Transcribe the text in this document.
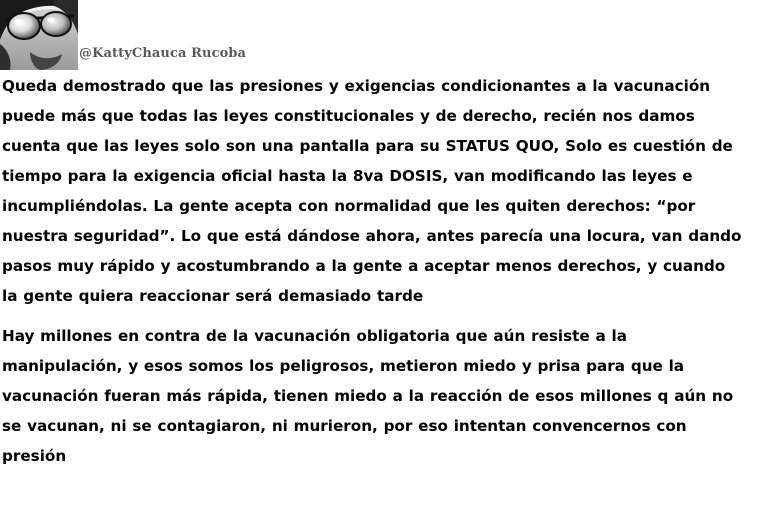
@KattyChauca Rucoba

Queda demostrado que las presiones y exigencias condicionantes a la vacunación puede más que todas las leyes constitucionales y de derecho, recién nos damos cuenta que las leyes solo son una pantalla para su STATUS QUO, Solo es cuestión de tiempo para la exigencia oficial hasta la 8va DOSIS, van modificando las leyes e incumpliéndolas. La gente acepta con normalidad que les quiten derechos: “por nuestra seguridad”. Lo que está dándose ahora, antes parecía una locura, van dando pasos muy rápido y acostumbrando a la gente a aceptar menos derechos, y cuando la gente quiera reaccionar será demasiado tarde

Hay millones en contra de la vacunación obligatoria que aún resiste a la manipulación, y esos somos los peligrosos, metieron miedo y prisa para que la vacunación fueran más rápida, tienen miedo a la reacción de esos millones q aún no se vacunan, ni se contagiaron, ni murieron, por eso intentan convencernos con presión
